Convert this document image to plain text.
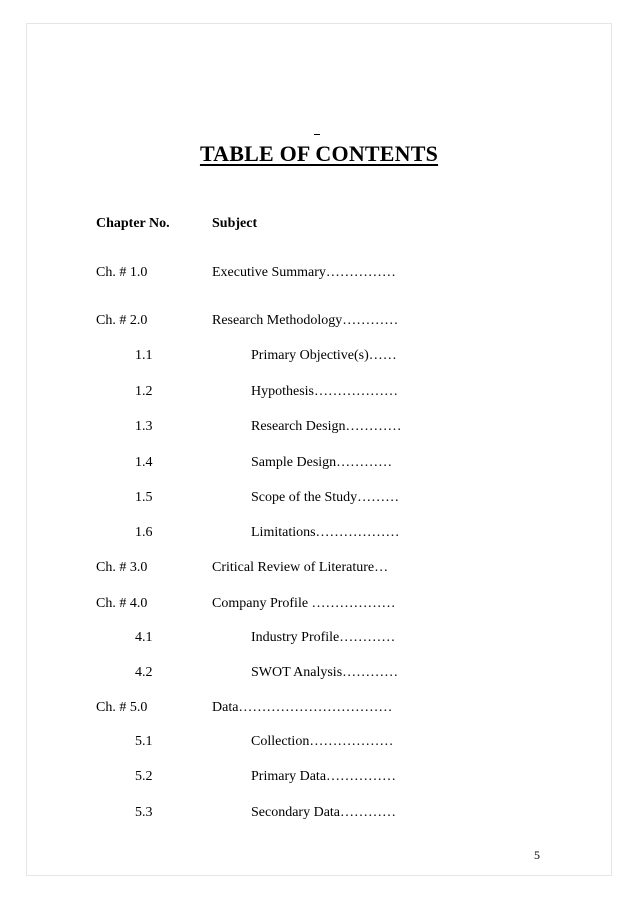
TABLE OF CONTENTS
Chapter No.	Subject
Ch. # 1.0	Executive Summary……………
Ch. # 2.0	Research Methodology…………
1.1	Primary Objective(s)……
1.2	Hypothesis………………
1.3	Research Design…………
1.4	Sample Design…………
1.5	Scope of the Study………
1.6	Limitations………………
Ch. # 3.0	Critical Review of Literature…
Ch. # 4.0	Company Profile ………………
4.1	Industry Profile…………
4.2	SWOT Analysis…………
Ch. # 5.0	Data……………………………
5.1	Collection………………
5.2	Primary Data……………
5.3	Secondary Data…………
5
